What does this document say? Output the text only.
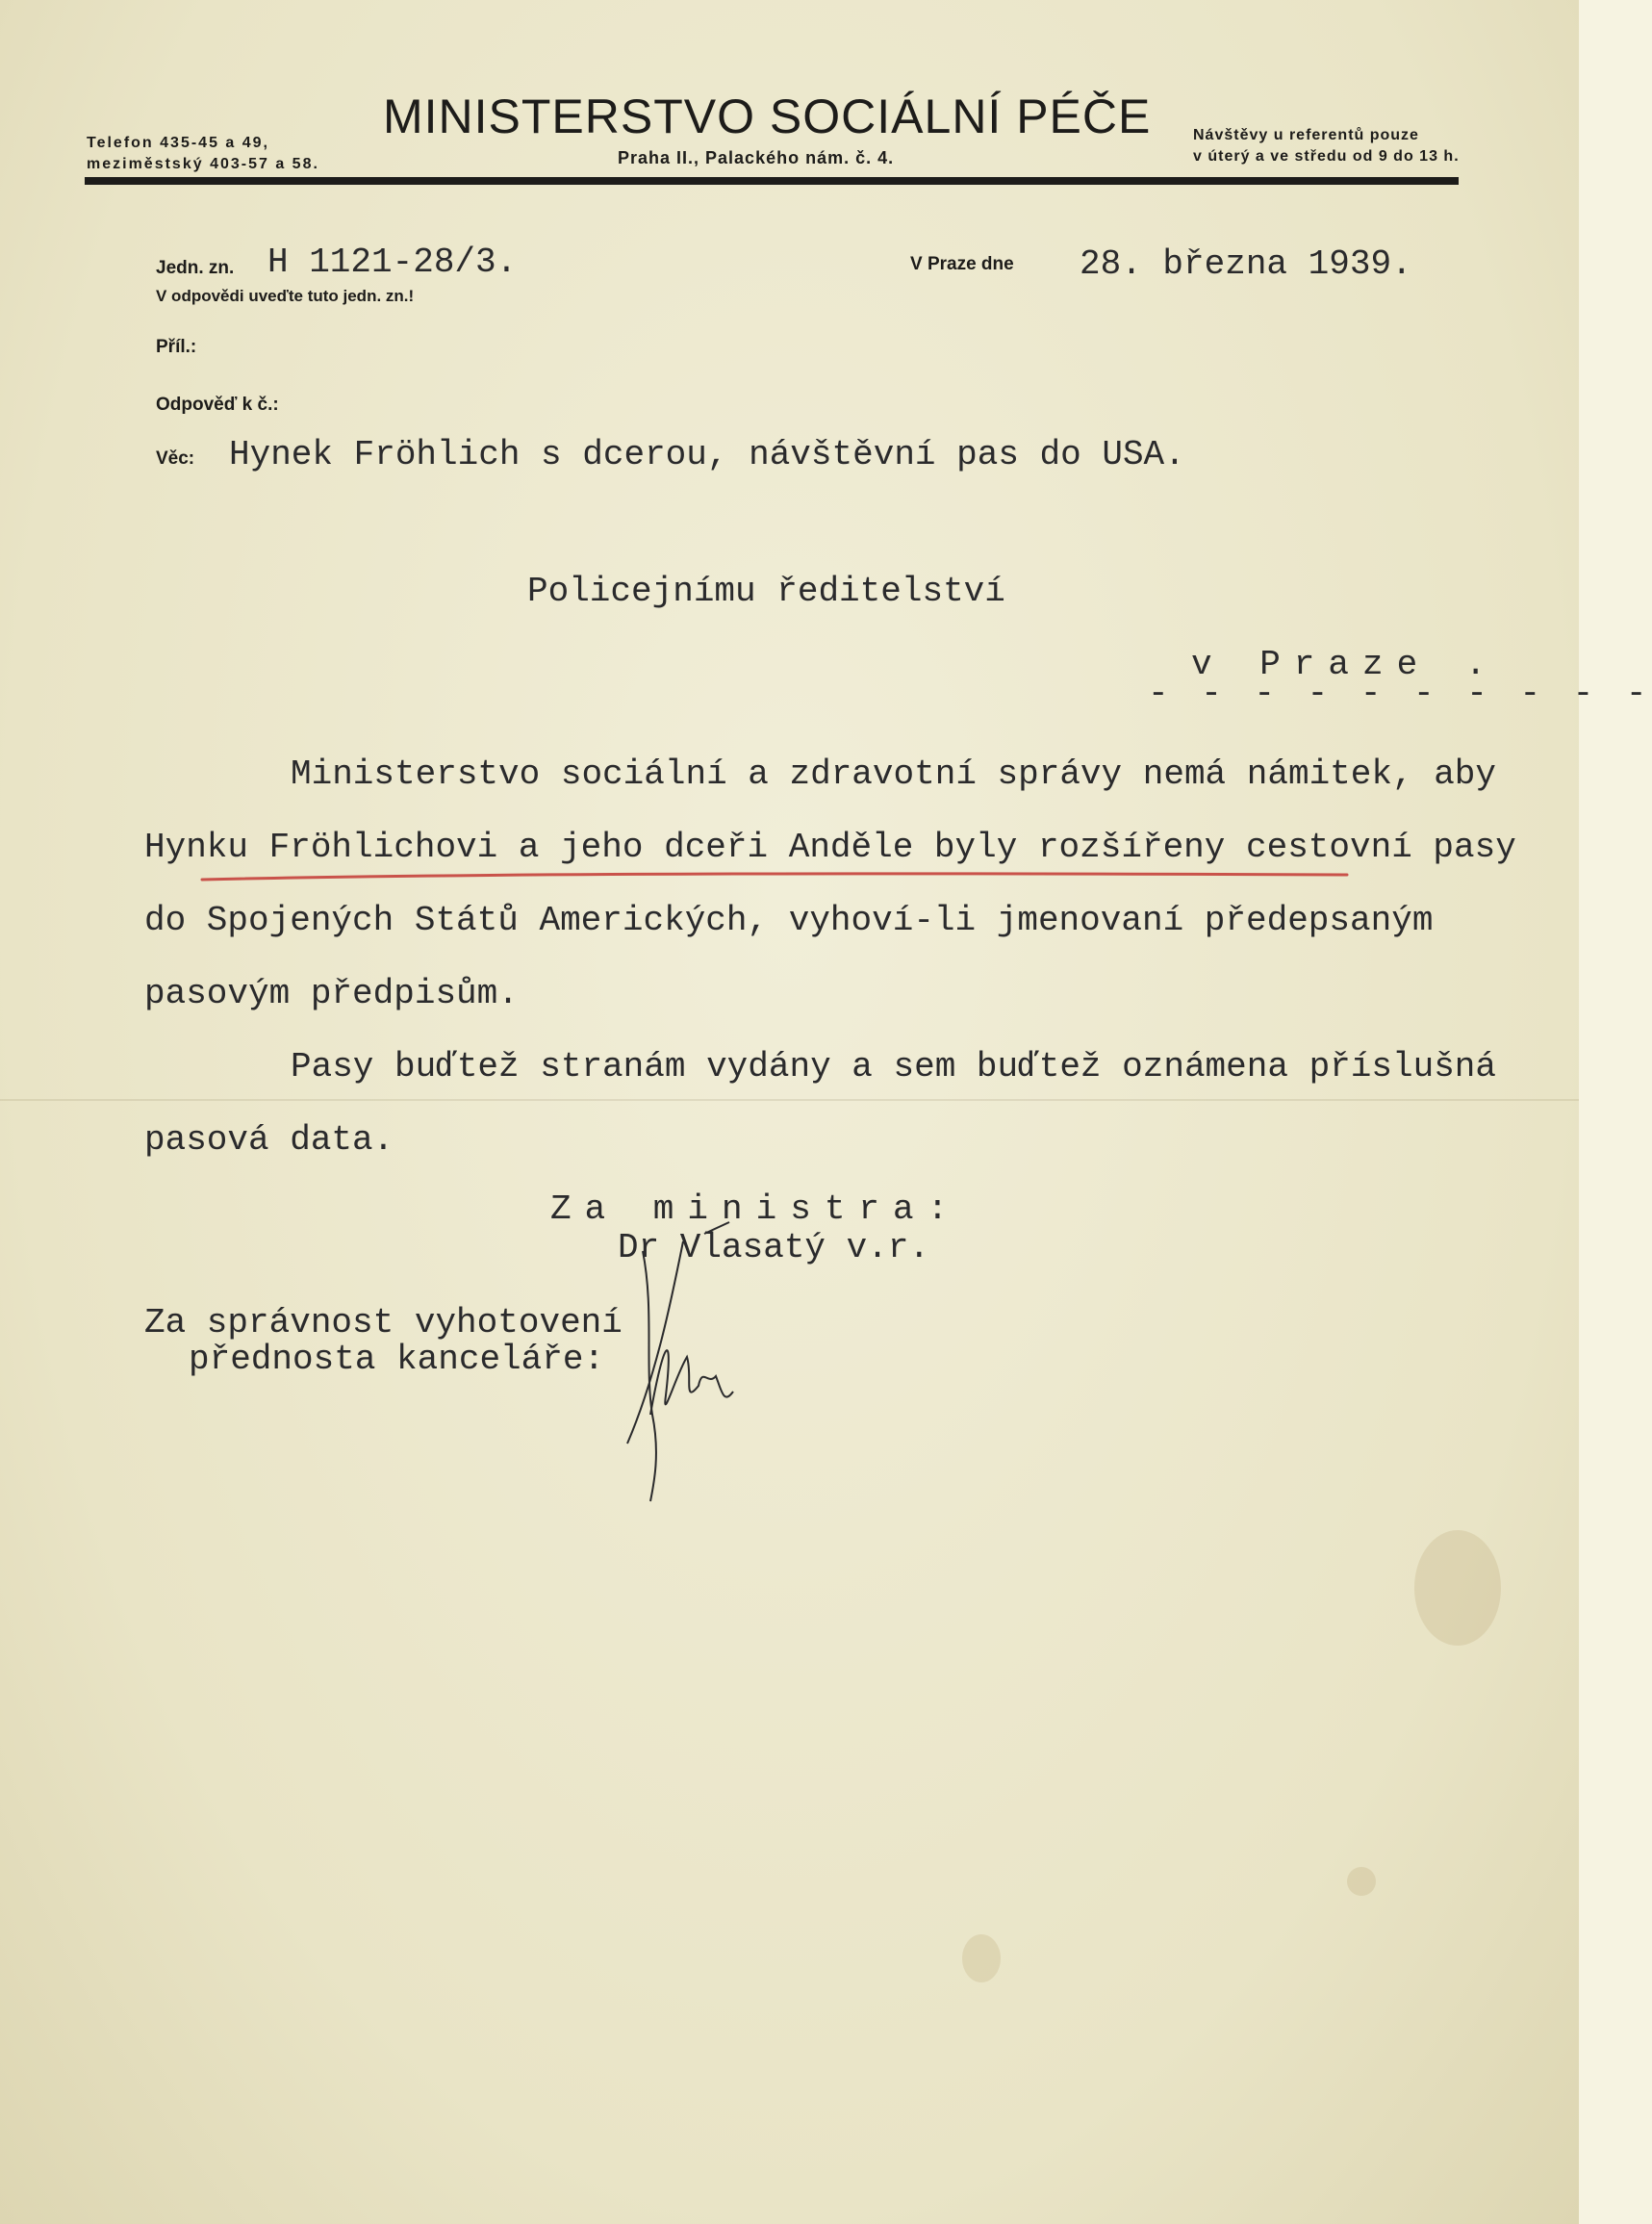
Telefon 435-45 a 49,
meziměstský 403-57 a 58.
MINISTERSTVO SOCIÁLNÍ PÉČE
Praha II., Palackého nám. č. 4.
Návštěvy u referentů pouze
v úterý a ve středu od 9 do 13 h.
Jedn. zn. H 1121-28/3.
V odpovědi uveďte tuto jedn. zn.!
V Praze dne 28. března 1939.
Příl.:
Odpověď k č.:
Věc: Hynek Fröhlich s dcerou, návštěvní pas do USA.
Policejnímu ředitelství
v Praze .
- - - - - - - - - -
Ministerstvo sociální a zdravotní správy nemá námitek, aby
Hynku Fröhlichovi a jeho dceři Anděle byly rozšířeny cestovní pasy
do Spojených Států Amerických, vyhoví-li jmenovaní předepsaným
pasovým předpisům.
Pasy buďtež stranám vydány a sem buďtež oznámena příslušná
pasová data.
Za ministra:
Dr Vlasatý v.r.
Za správnost vyhotovení
přednosta kanceláře:
